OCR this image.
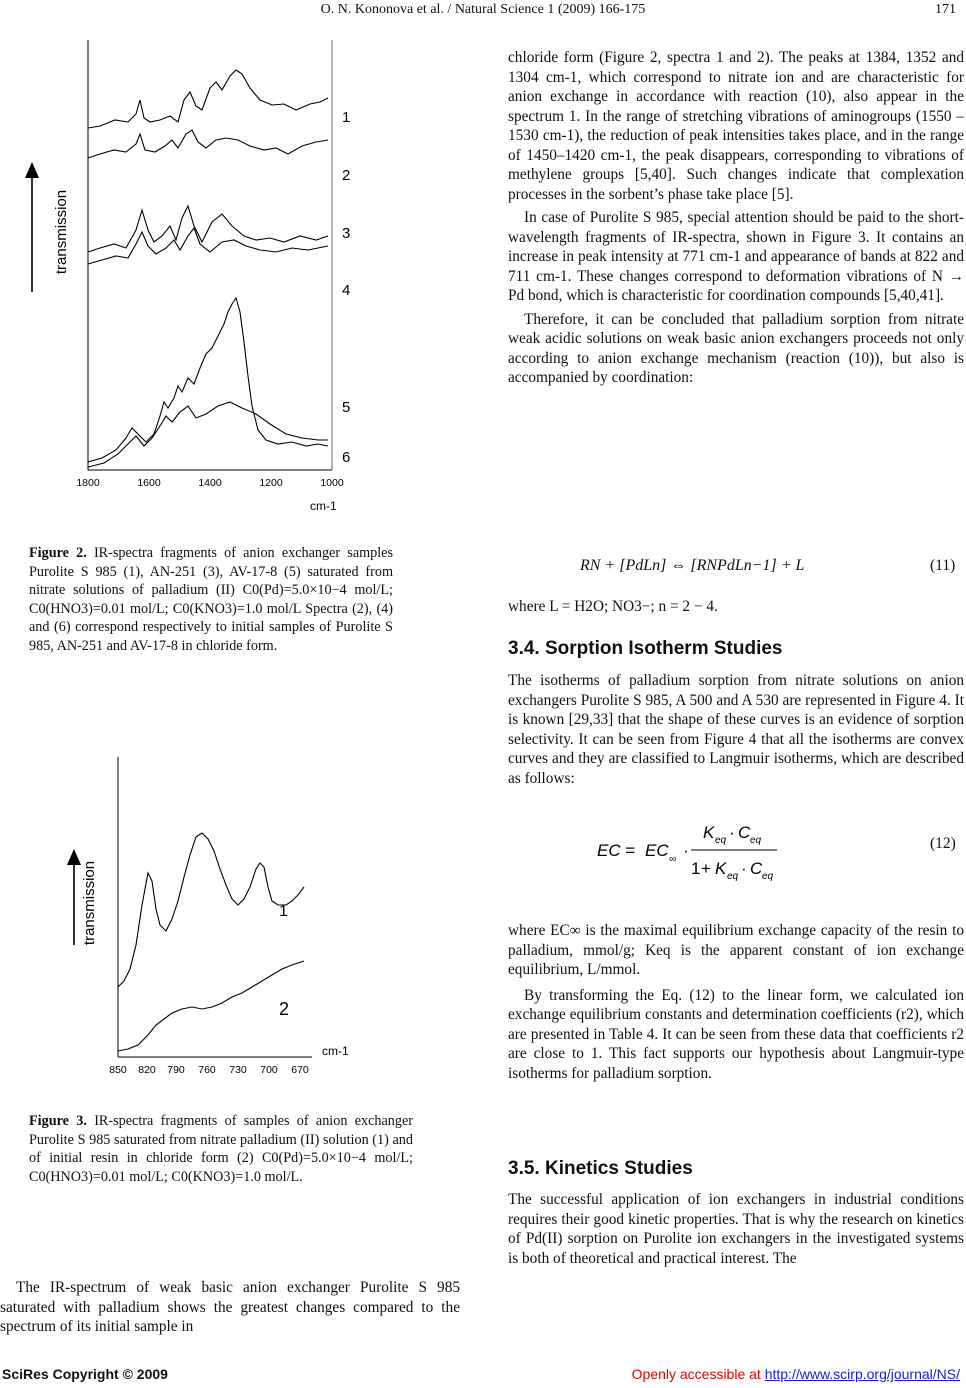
O. N. Kononova et al. / Natural Science 1 (2009) 166-175	171
transmission
1
2
3
4
5
6
1800	1600	1400	1200	1000
cm-1
Figure 2. IR-spectra fragments of anion exchanger samples Purolite S 985 (1), AN-251 (3), AV-17-8 (5) saturated from nitrate solutions of palladium (II) C0(Pd)=5.0×10−4 mol/L; C0(HNO3)=0.01 mol/L; C0(KNO3)=1.0 mol/L Spectra (2), (4) and (6) correspond respectively to initial samples of Purolite S 985, AN-251 and AV-17-8 in chloride form.
transmission	1
2
850 820 790 760 730 700 670
cm-1
Figure 3. IR-spectra fragments of samples of anion exchanger Purolite S 985 saturated from nitrate palladium (II) solution (1) and of initial resin in chloride form (2) C0(Pd)=5.0×10−4 mol/L; C0(HNO3)=0.01 mol/L; C0(KNO3)=1.0 mol/L.

The IR-spectrum of weak basic anion exchanger Purolite S 985 saturated with palladium shows the greatest changes compared to the spectrum of its initial sample in

chloride form (Figure 2, spectra 1 and 2). The peaks at 1384, 1352 and 1304 cm-1, which correspond to nitrate ion and are characteristic for anion exchange in accordance with reaction (10), also appear in the spectrum 1. In the range of stretching vibrations of aminogroups (1550 – 1530 cm-1), the reduction of peak intensities takes place, and in the range of 1450–1420 cm-1, the peak disappears, corresponding to vibrations of methylene groups [5,40]. Such changes indicate that complexation processes in the sorbent’s phase take place [5].

In case of Purolite S 985, special attention should be paid to the short-wavelength fragments of IR-spectra, shown in Figure 3. It contains an increase in peak intensity at 771 cm-1 and appearance of bands at 822 and 711 cm-1. These changes correspond to deformation vibrations of N → Pd bond, which is characteristic for coordination compounds [5,40,41].

Therefore, it can be concluded that palladium sorption from nitrate weak acidic solutions on weak basic anion exchangers proceeds not only according to anion exchange mechanism (reaction (10)), but also is accompanied by coordination:

RN + [PdLn] ⇔ [RNPdLn−1] + L	(11)
where L = H2O; NO3−; n = 2 − 4.
3.4. Sorption Isotherm Studies
The isotherms of palladium sorption from nitrate solutions on anion exchangers Purolite S 985, A 500 and A 530 are represented in Figure 4. It is known [29,33] that the shape of these curves is an evidence of sorption selectivity. It can be seen from Figure 4 that all the isotherms are convex curves and they are classified to Langmuir isotherms, which are described as follows:
EC = EC ∞ ·
K eq · C eq
1 + K eq · C eq
(12)

where EC∞ is the maximal equilibrium exchange capacity of the resin to palladium, mmol/g; Keq is the apparent constant of ion exchange equilibrium, L/mmol.

By transforming the Eq. (12) to the linear form, we calculated ion exchange equilibrium constants and determination coefficients (r2), which are presented in Table 4. It can be seen from these data that coefficients r2 are close to 1. This fact supports our hypothesis about Langmuir-type isotherms for palladium sorption.

3.5. Kinetics Studies
The successful application of ion exchangers in industrial conditions requires their good kinetic properties. That is why the research on kinetics of Pd(II) sorption on Purolite ion exchangers in the investigated systems is both of theoretical and practical interest. The
SciRes Copyright © 2009	Openly accessible at http://www.scirp.org/journal/NS/
